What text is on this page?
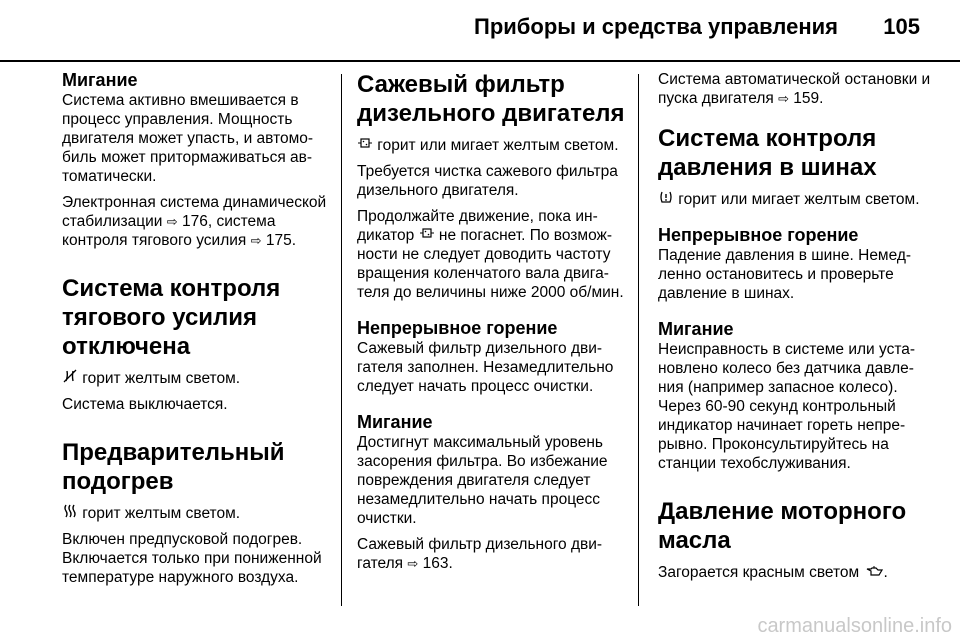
Приборы и средства управления 105
Мигание

Система активно вмешивается в процесс управления. Мощность двигателя может упасть, и автомобиль может притормаживаться автоматически.

Электронная система динамической стабилизации ⇨ 176, система контроля тягового усилия ⇨ 175.

Система контроля тягового усилия отключена

горит желтым светом.

Система выключается.

Предварительный подогрев

горит желтым светом.

Включен предпусковой подогрев. Включается только при пониженной температуре наружного воздуха.

Сажевый фильтр дизельного двигателя

горит или мигает желтым светом.

Требуется чистка сажевого фильтра дизельного двигателя.

Продолжайте движение, пока индикатор  не погаснет. По возможности не следует доводить частоту вращения коленчатого вала двигателя до величины ниже 2000 об/мин.

Непрерывное горение

Сажевый фильтр дизельного двигателя заполнен. Незамедлительно следует начать процесс очистки.

Мигание

Достигнут максимальный уровень засорения фильтра. Во избежание повреждения двигателя следует незамедлительно начать процесс очистки.

Сажевый фильтр дизельного двигателя ⇨ 163.

Система автоматической остановки и пуска двигателя ⇨ 159.

Система контроля давления в шинах

горит или мигает желтым светом.

Непрерывное горение

Падение давления в шине. Немедленно остановитесь и проверьте давление в шинах.

Мигание

Неисправность в системе или установлено колесо без датчика давления (например запасное колесо). Через 60-90 секунд контрольный индикатор начинает гореть непрерывно. Проконсультируйтесь на станции техобслуживания.

Давление моторного масла

Загорается красным светом .

carmanualsonline.info
